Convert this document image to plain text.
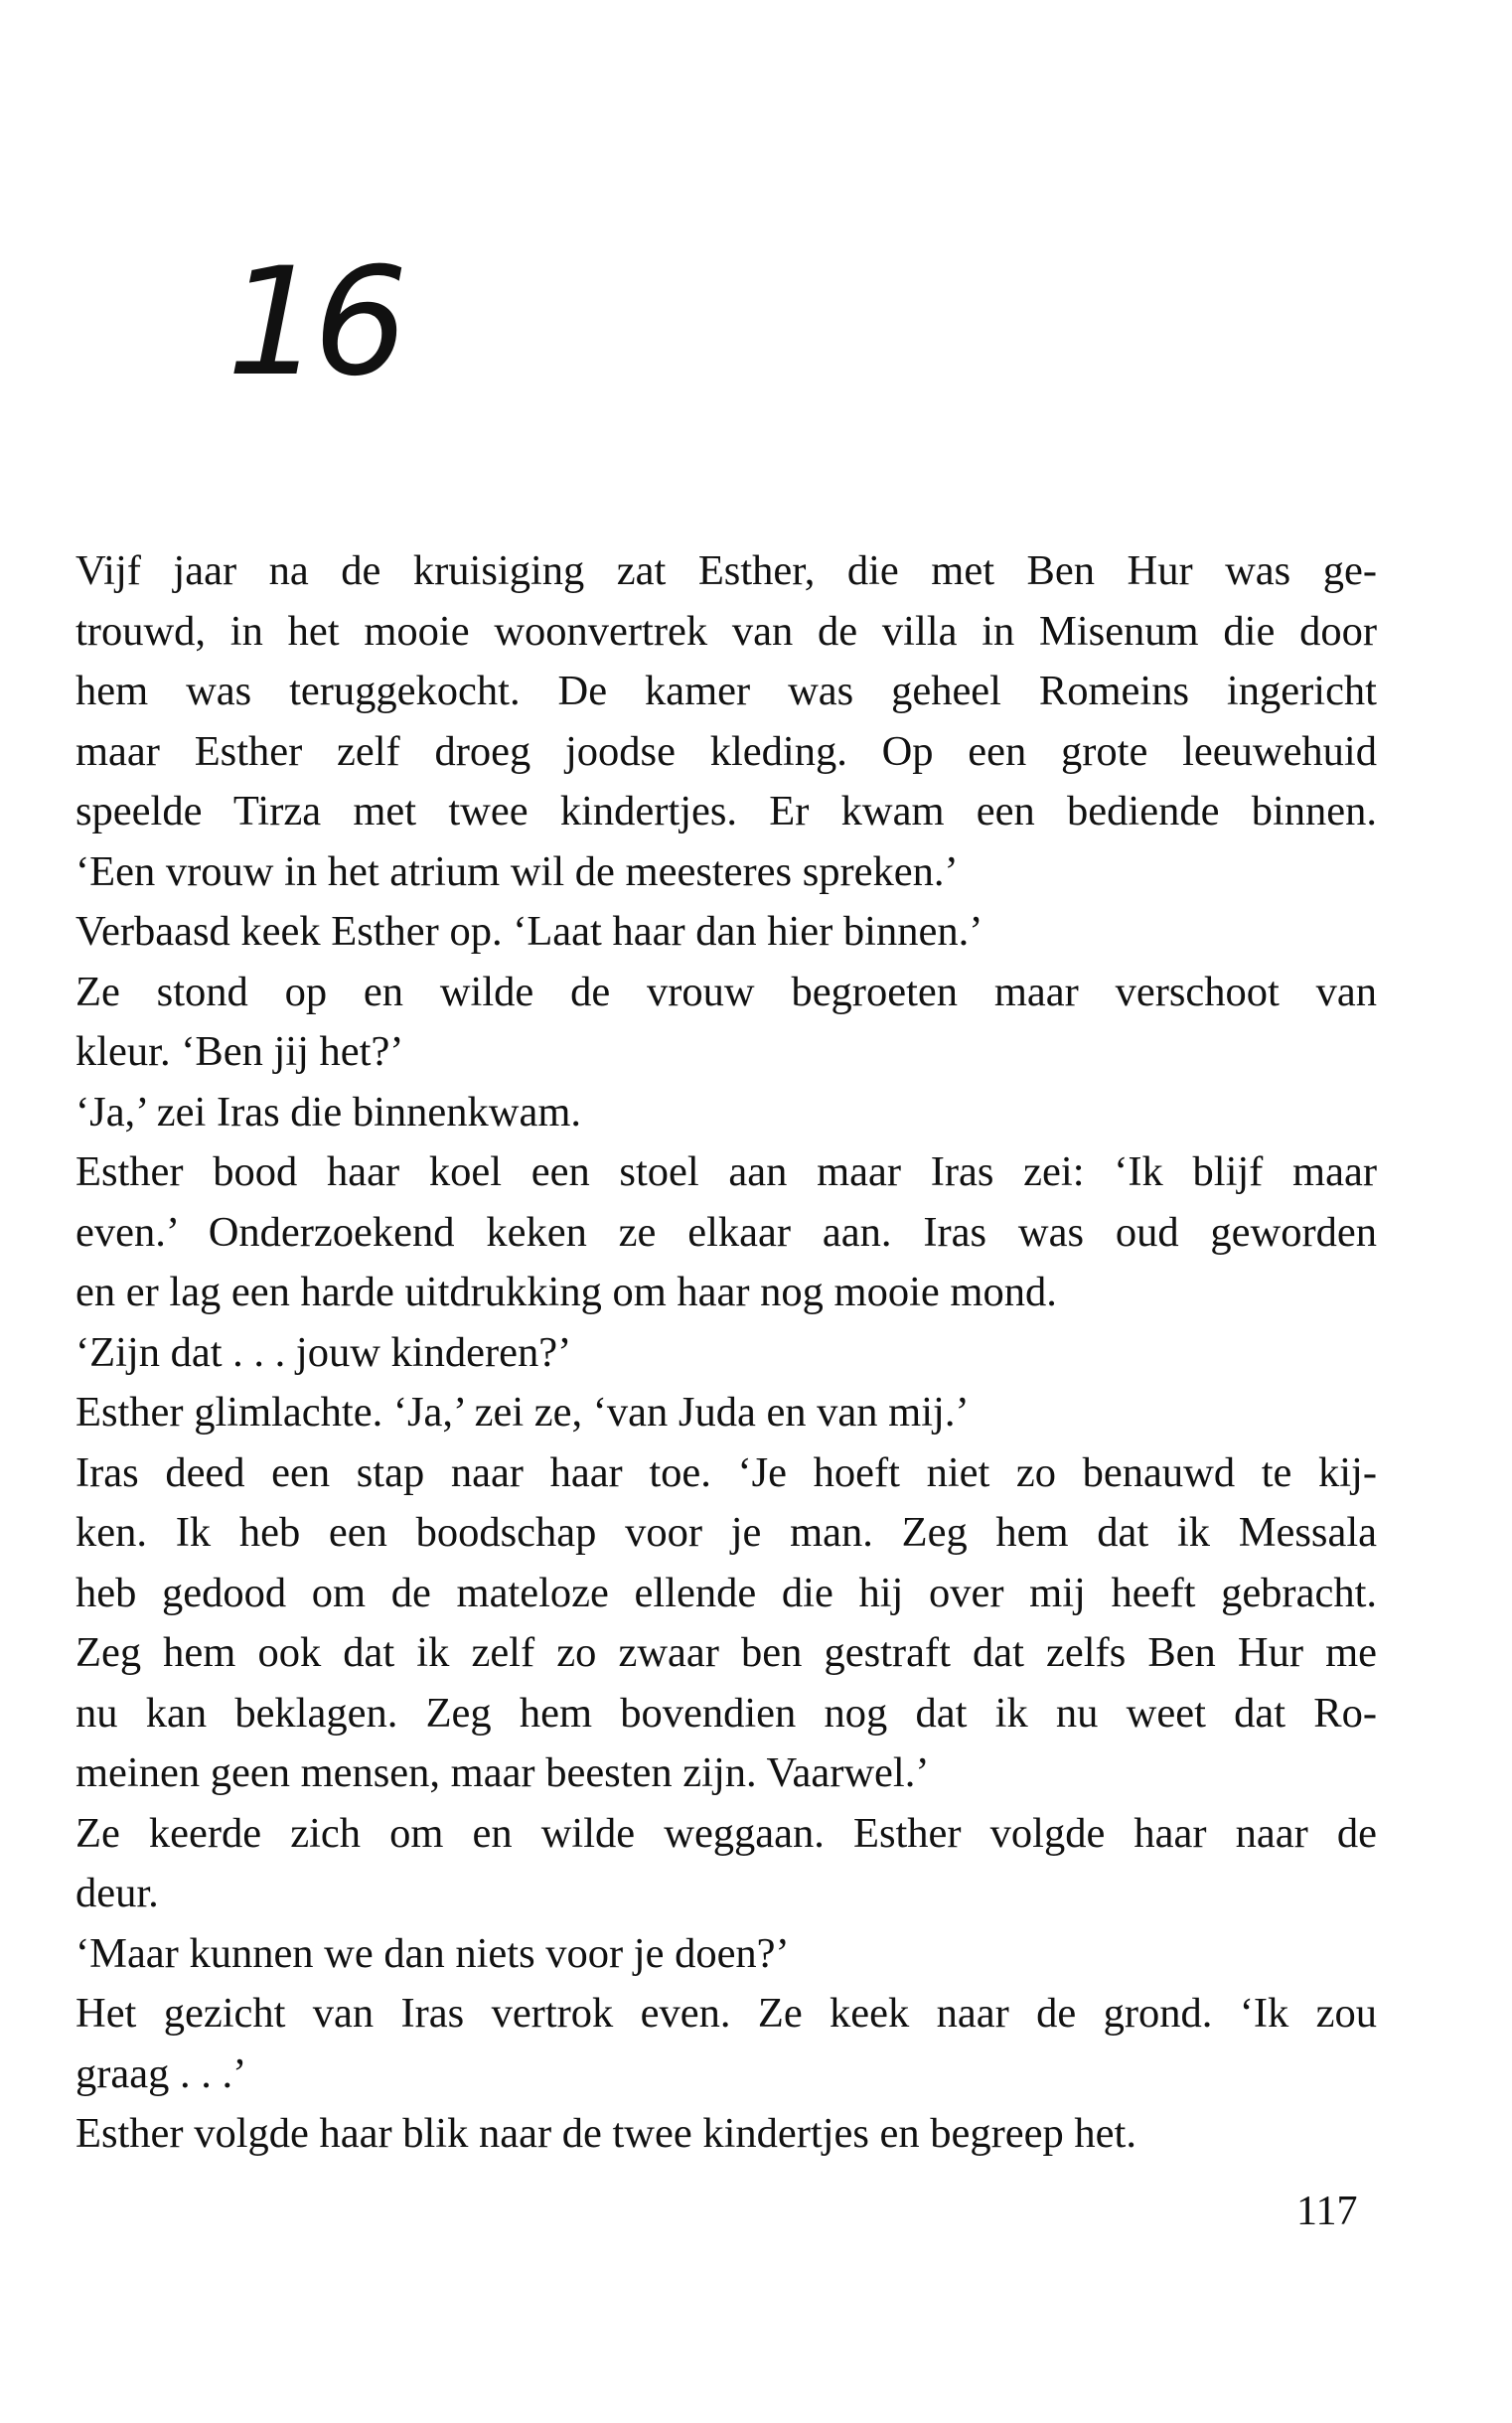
16
Vijf jaar na de kruisiging zat Esther, die met Ben Hur was ge-
trouwd, in het mooie woonvertrek van de villa in Misenum die door
hem was teruggekocht. De kamer was geheel Romeins ingericht
maar Esther zelf droeg joodse kleding. Op een grote leeuwehuid
speelde Tirza met twee kindertjes. Er kwam een bediende binnen.
‘Een vrouw in het atrium wil de meesteres spreken.’
Verbaasd keek Esther op. ‘Laat haar dan hier binnen.’
Ze stond op en wilde de vrouw begroeten maar verschoot van
kleur. ‘Ben jij het?’
‘Ja,’ zei Iras die binnenkwam.
Esther bood haar koel een stoel aan maar Iras zei: ‘Ik blijf maar
even.’ Onderzoekend keken ze elkaar aan. Iras was oud geworden
en er lag een harde uitdrukking om haar nog mooie mond.
‘Zijn dat . . . jouw kinderen?’
Esther glimlachte. ‘Ja,’ zei ze, ‘van Juda en van mij.’
Iras deed een stap naar haar toe. ‘Je hoeft niet zo benauwd te kij-
ken. Ik heb een boodschap voor je man. Zeg hem dat ik Messala
heb gedood om de mateloze ellende die hij over mij heeft gebracht.
Zeg hem ook dat ik zelf zo zwaar ben gestraft dat zelfs Ben Hur me
nu kan beklagen. Zeg hem bovendien nog dat ik nu weet dat Ro-
meinen geen mensen, maar beesten zijn. Vaarwel.’
Ze keerde zich om en wilde weggaan. Esther volgde haar naar de
deur.
‘Maar kunnen we dan niets voor je doen?’
Het gezicht van Iras vertrok even. Ze keek naar de grond. ‘Ik zou
graag . . .’
Esther volgde haar blik naar de twee kindertjes en begreep het.
117
